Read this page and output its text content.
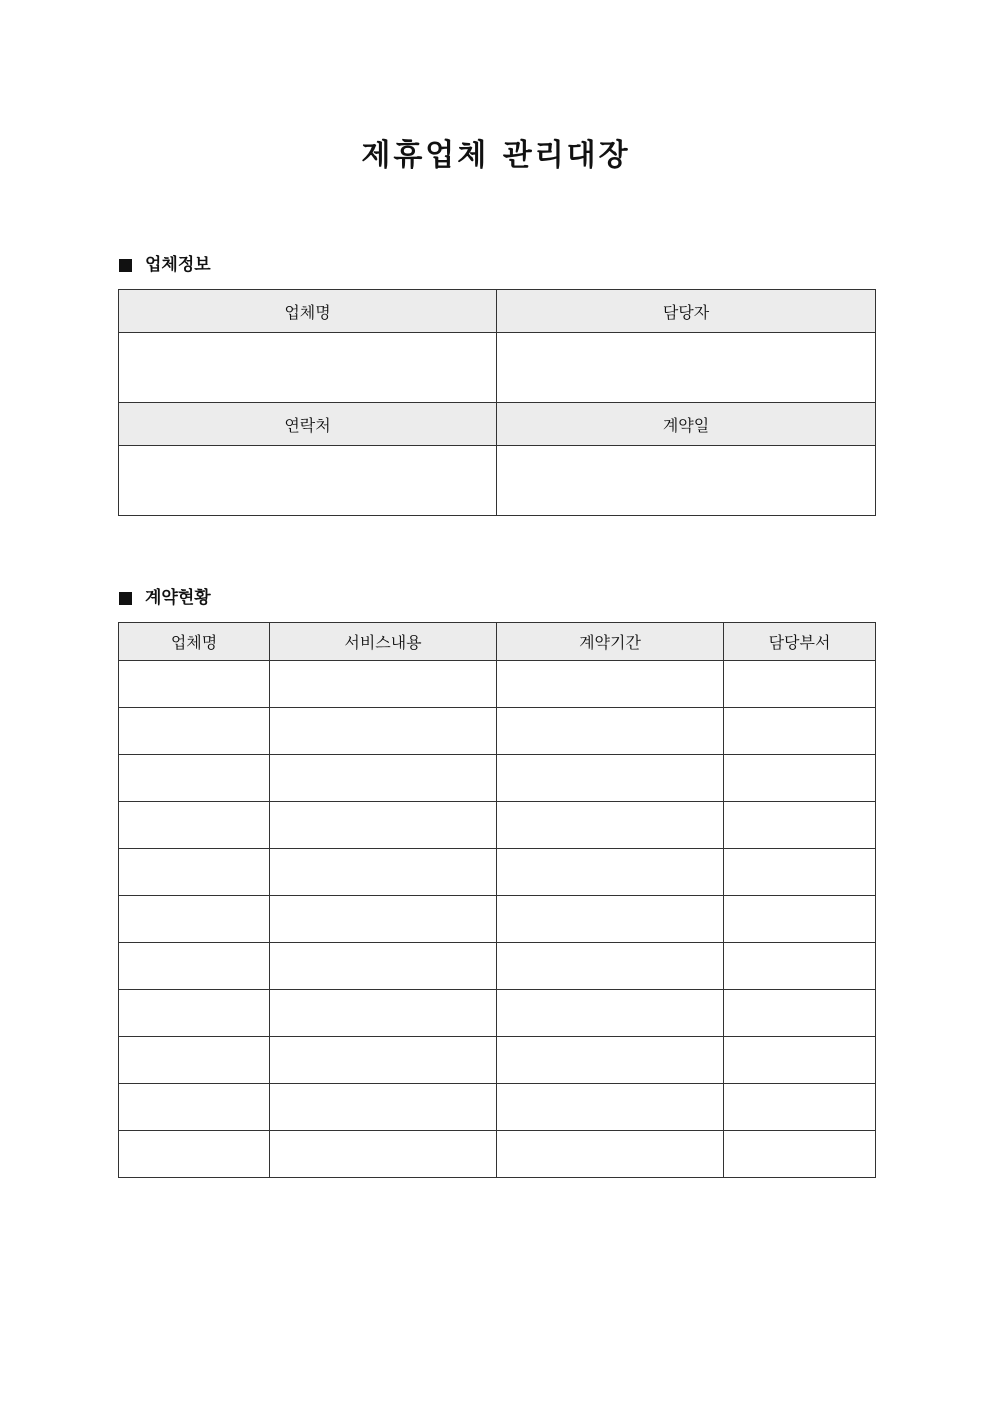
제휴업체 관리대장
업체정보
업체명	담당자

연락처	계약일

계약현황
업체명	서비스내용	계약기간	담당부서
